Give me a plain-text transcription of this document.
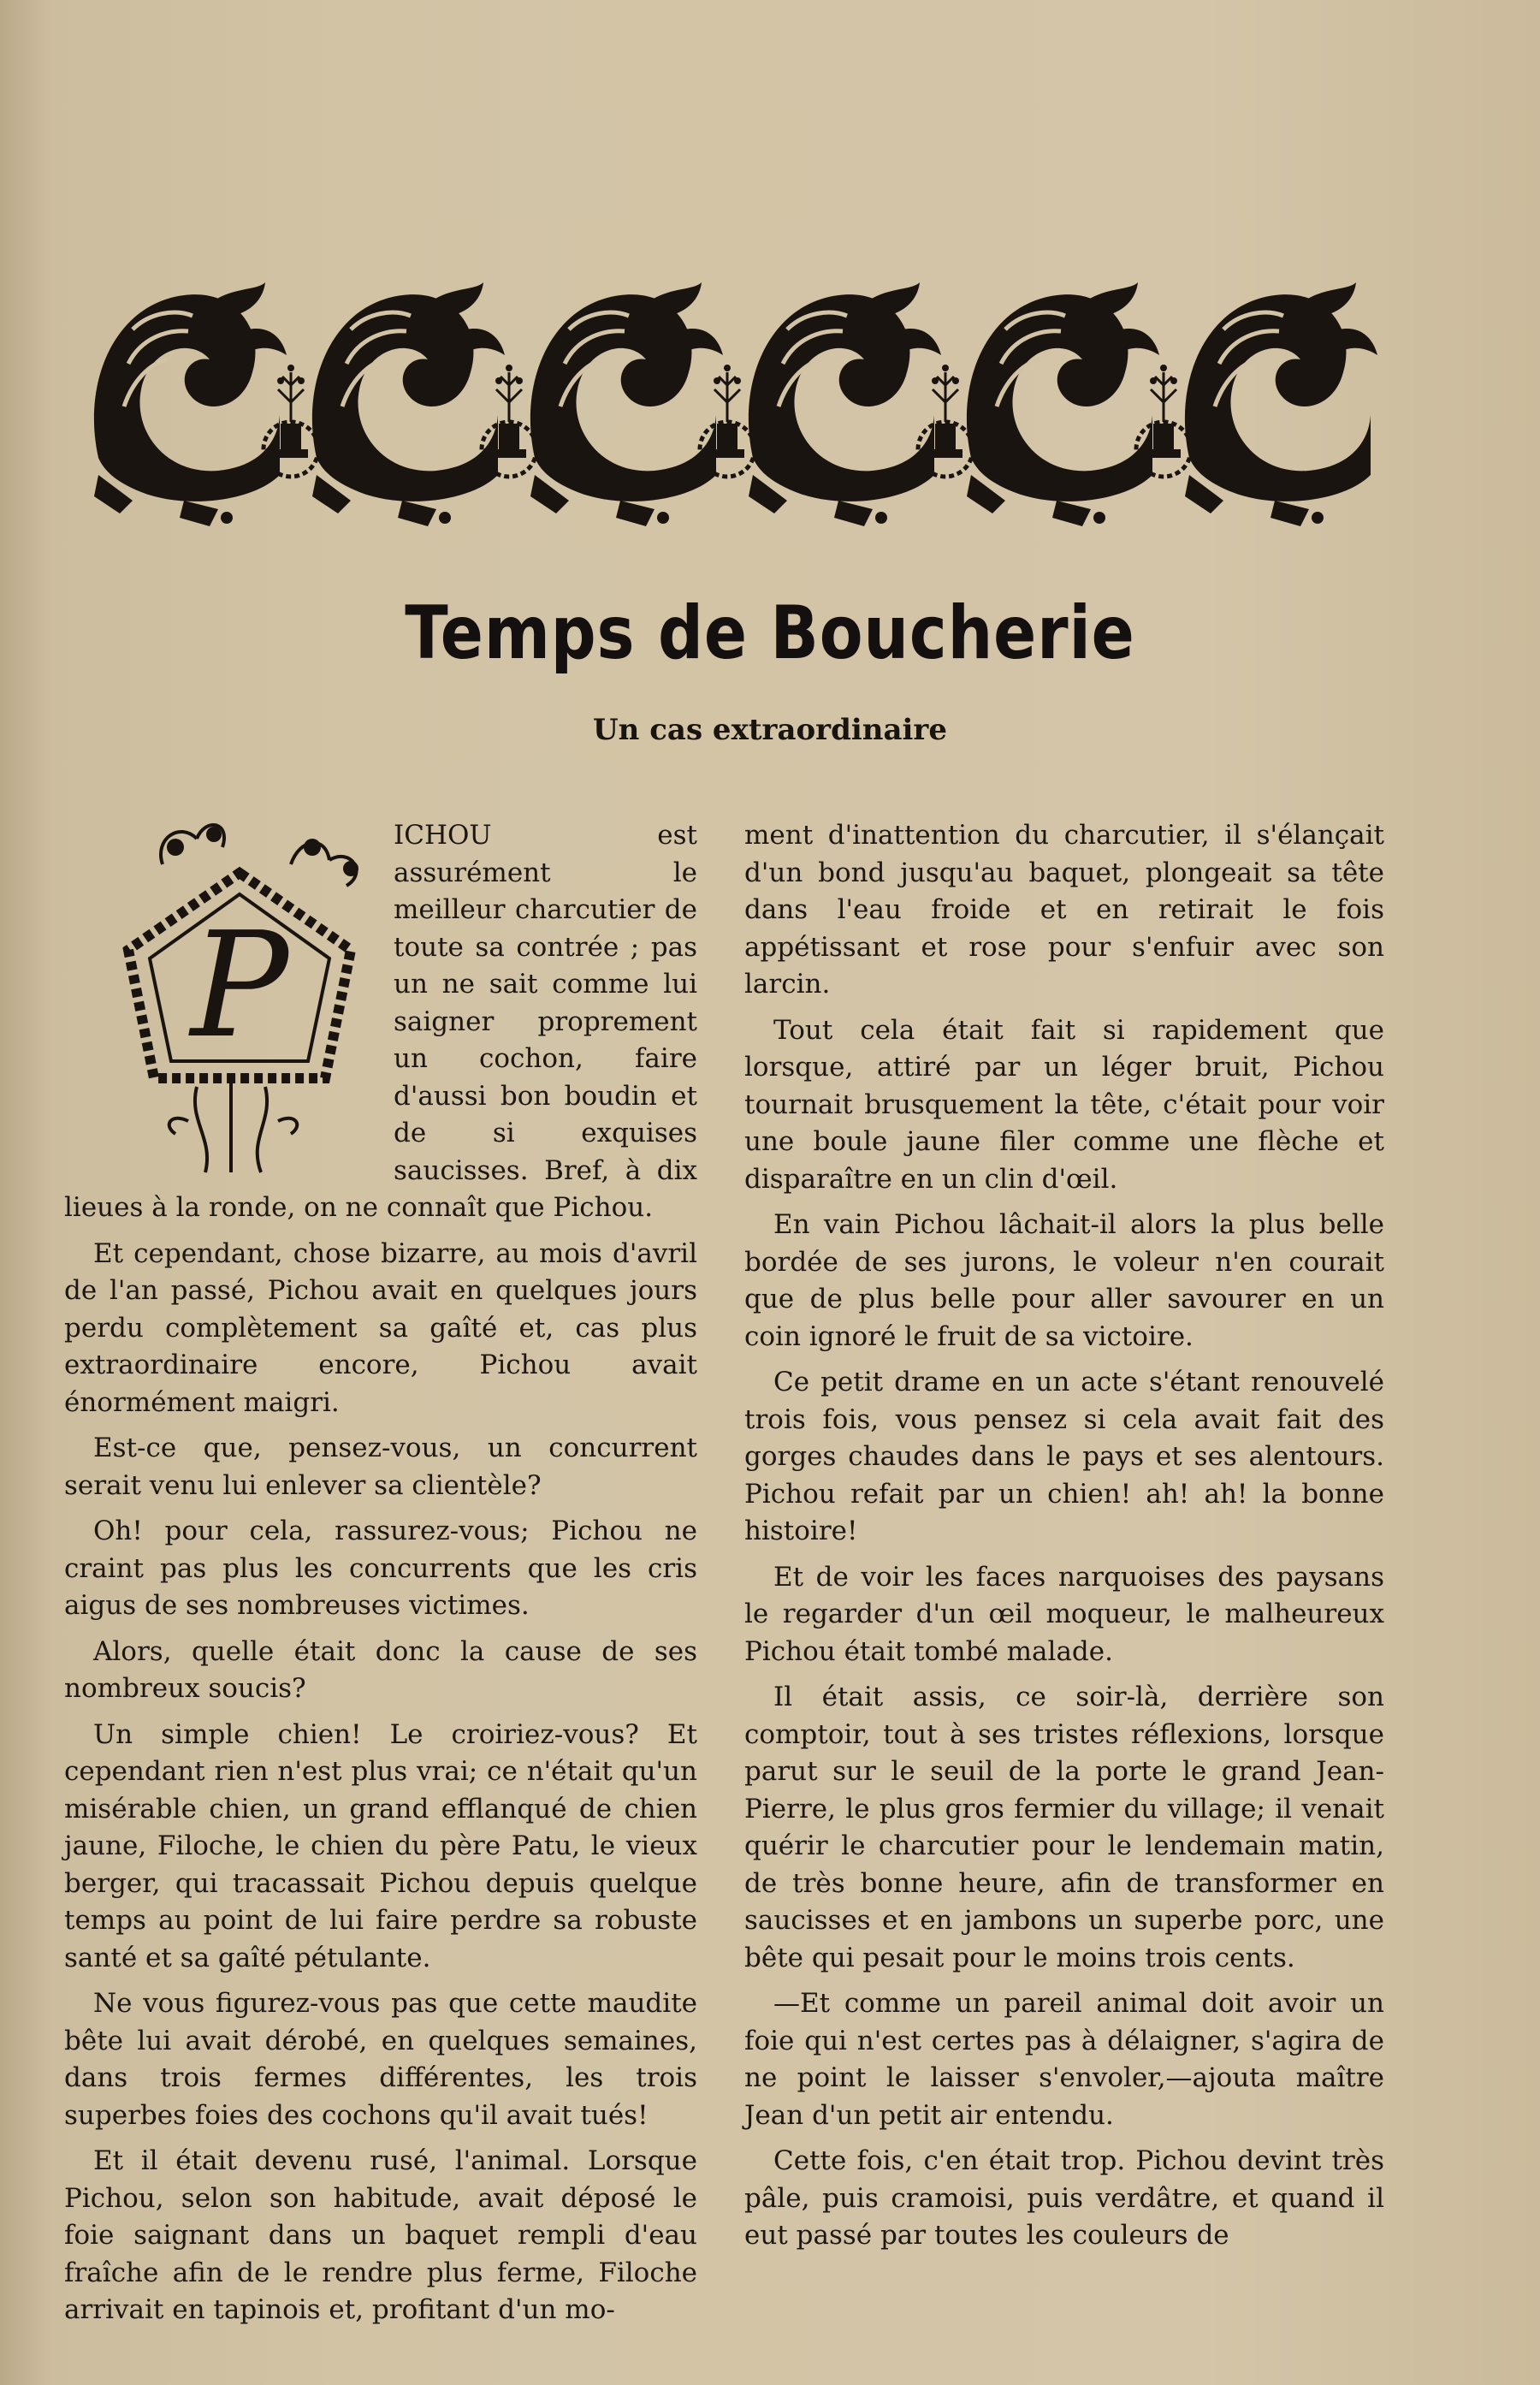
Temps de Boucherie
Un cas extraordinaire
P

ICHOU est assurément le meilleur charcutier de toute sa contrée ; pas un ne sait comme lui saigner proprement un cochon, faire d'aussi bon boudin et de si exquises saucisses. Bref, à dix lieues à la ronde, on ne connaît que Pichou.

Et cependant, chose bizarre, au mois d'avril de l'an passé, Pichou avait en quelques jours perdu complètement sa gaîté et, cas plus extraordinaire encore, Pichou avait énormément maigri.

Est-ce que, pensez-vous, un concurrent serait venu lui enlever sa clientèle?

Oh! pour cela, rassurez-vous; Pichou ne craint pas plus les concurrents que les cris aigus de ses nombreuses victimes.

Alors, quelle était donc la cause de ses nombreux soucis?

Un simple chien! Le croiriez-vous? Et cependant rien n'est plus vrai; ce n'était qu'un misérable chien, un grand efflanqué de chien jaune, Filoche, le chien du père Patu, le vieux berger, qui tracassait Pichou depuis quelque temps au point de lui faire perdre sa robuste santé et sa gaîté pétulante.

Ne vous figurez-vous pas que cette maudite bête lui avait dérobé, en quelques semaines, dans trois fermes différentes, les trois superbes foies des cochons qu'il avait tués!

Et il était devenu rusé, l'animal. Lorsque Pichou, selon son habitude, avait déposé le foie saignant dans un baquet rempli d'eau fraîche afin de le rendre plus ferme, Filoche arrivait en tapinois et, profitant d'un mo-

ment d'inattention du charcutier, il s'élançait d'un bond jusqu'au baquet, plongeait sa tête dans l'eau froide et en retirait le fois appétissant et rose pour s'enfuir avec son larcin.

Tout cela était fait si rapidement que lorsque, attiré par un léger bruit, Pichou tournait brusquement la tête, c'était pour voir une boule jaune filer comme une flèche et disparaître en un clin d'œil.

En vain Pichou lâchait-il alors la plus belle bordée de ses jurons, le voleur n'en courait que de plus belle pour aller savourer en un coin ignoré le fruit de sa victoire.

Ce petit drame en un acte s'étant renouvelé trois fois, vous pensez si cela avait fait des gorges chaudes dans le pays et ses alentours. Pichou refait par un chien! ah! ah! la bonne histoire!

Et de voir les faces narquoises des paysans le regarder d'un œil moqueur, le malheureux Pichou était tombé malade.

Il était assis, ce soir-là, derrière son comptoir, tout à ses tristes réflexions, lorsque parut sur le seuil de la porte le grand Jean-Pierre, le plus gros fermier du village; il venait quérir le charcutier pour le lendemain matin, de très bonne heure, afin de transformer en saucisses et en jambons un superbe porc, une bête qui pesait pour le moins trois cents.

—Et comme un pareil animal doit avoir un foie qui n'est certes pas à délaigner, s'agira de ne point le laisser s'envoler,—ajouta maître Jean d'un petit air entendu.

Cette fois, c'en était trop. Pichou devint très pâle, puis cramoisi, puis verdâtre, et quand il eut passé par toutes les couleurs de
